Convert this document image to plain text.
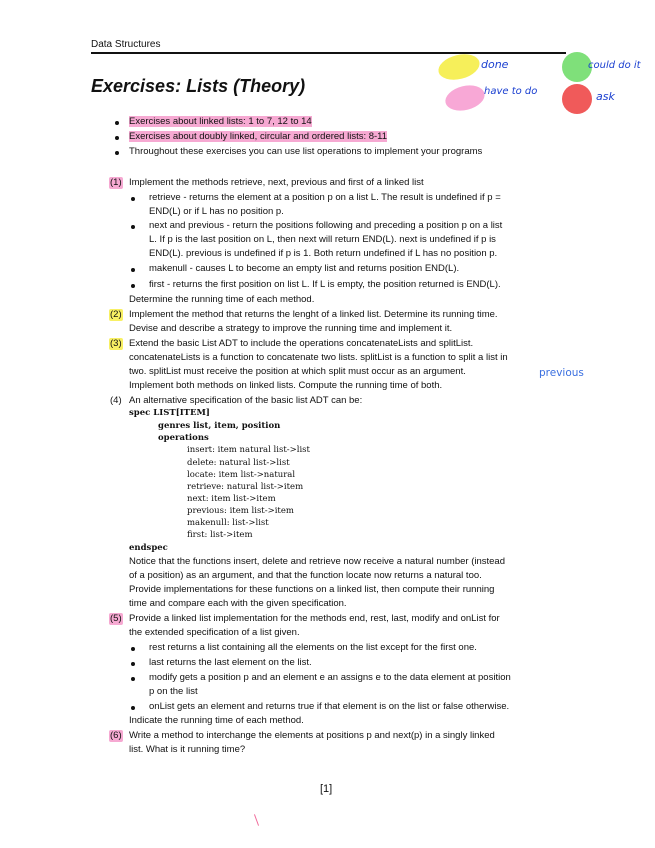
Data Structures
Exercises: Lists (Theory)
done	could do it
have to do	ask
Exercises about linked lists: 1 to 7, 12 to 14
Exercises about doubly linked, circular and ordered lists: 8-11
Throughout these exercises you can use list operations to implement your programs
(1) Implement the methods retrieve, next, previous and first of a linked list
retrieve - returns the element at a position p on a list L. The result is undefined if p =
END(L) or if L has no position p.
next and previous - return the positions following and preceding a position p on a list
L. If p is the last position on L, then next will return END(L). next is undefined if p is
END(L). previous is undefined if p is 1. Both return undefined if L has no position p.
makenull - causes L to become an empty list and returns position END(L).
first - returns the first position on list L. If L is empty, the position returned is END(L).
Determine the running time of each method.
(2) Implement the method that returns the lenght of a linked list. Determine its running time.
Devise and describe a strategy to improve the running time and implement it.
(3) Extend the basic List ADT to include the operations concatenateLists and splitList.
concatenateLists is a function to concatenate two lists. splitList is a function to split a list in
two. splitList must receive the position at which split must occur as an argument.
Implement both methods on linked lists. Compute the running time of both.
previous
(4) An alternative specification of the basic list ADT can be:
spec LIST[ITEM]
genres list, item, position
operations
insert: item natural list->list
delete: natural list->list
locate: item list->natural
retrieve: natural list->item
next: item list->item
previous: item list->item
makenull: list->list
first: list->item
endspec
Notice that the functions insert, delete and retrieve now receive a natural number (instead
of a position) as an argument, and that the function locate now returns a natural too.
Provide implementations for these functions on a linked list, then compute their running
time and compare each with the given specification.
(5) Provide a linked list implementation for the methods end, rest, last, modify and onList for
the extended specification of a list given.
rest returns a list containing all the elements on the list except for the first one.
last returns the last element on the list.
modify gets a position p and an element e an assigns e to the data element at position
p on the list
onList gets an element and returns true if that element is on the list or false otherwise.
Indicate the running time of each method.
(6) Write a method to interchange the elements at positions p and next(p) in a singly linked
list. What is it running time?
[1]
